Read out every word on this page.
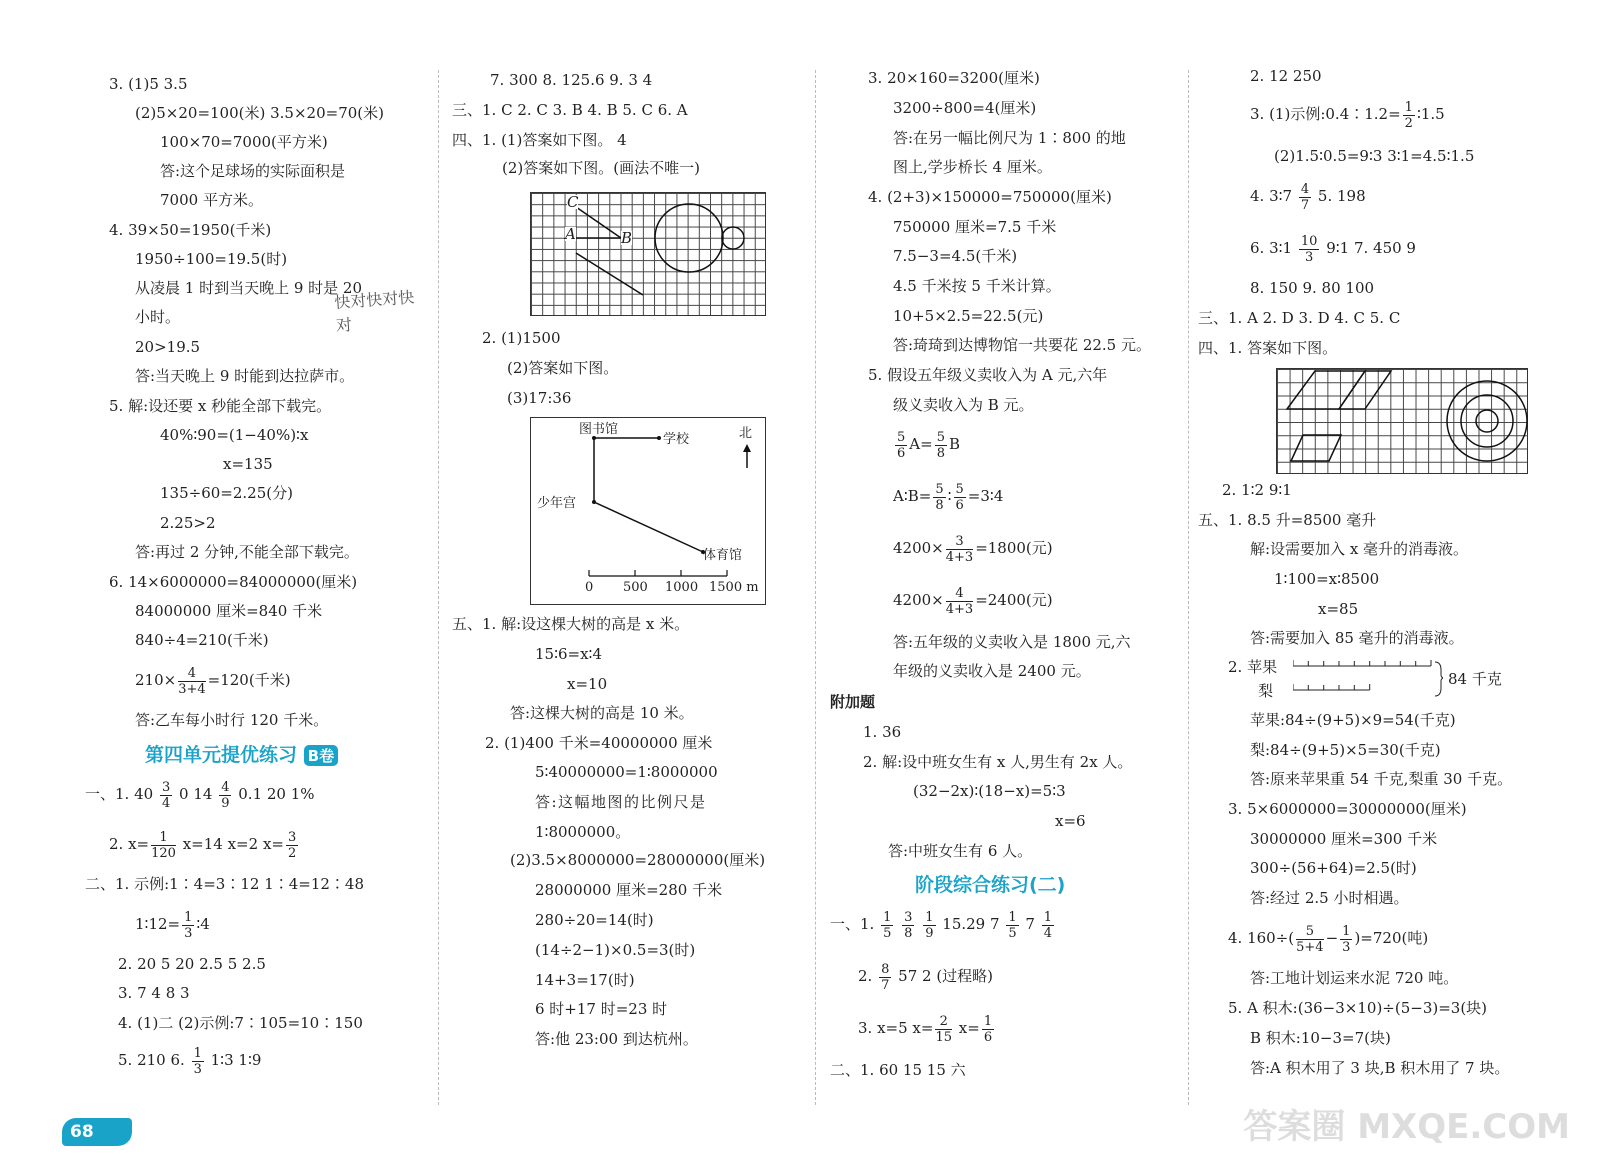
3. (1)5 3.5
(2)5×20=100(米) 3.5×20=70(米)
100×70=7000(平方米)
答:这个足球场的实际面积是
7000 平方米。
4. 39×50=1950(千米)
1950÷100=19.5(时)
从凌晨 1 时到当天晚上 9 时是 20
快对快对快对
小时。
20>19.5
答:当天晚上 9 时能到达拉萨市。
5. 解:设还要 x 秒能全部下载完。
40%∶90=(1−40%)∶x
x=135
135÷60=2.25(分)
2.25>2
答:再过 2 分钟,不能全部下载完。
6. 14×6000000=84000000(厘米)
84000000 厘米=840 千米
840÷4=210(千米)
$210\times \frac{4}{3+4} =120$(千米)
答:乙车每小时行 120 千米。
第四单元提优练习 B卷
一、1. $40 \frac{3}{4} 0$ $14 \frac{4}{9} 0.1$ 20 1%
2. $x= \frac{1}{120} x=14$ x=2 $x= \frac{3}{2}$
二、1. 示例:1∶4=3∶12 1∶4=12∶48
1∶12= $\frac{1}{3}$ ∶4
2. 20 5 20 2.5 5 2.5
3. 7 4 8 3
4. (1)二 (2)示例:7∶105=10∶150
5. 210 6. $\frac{1}{3}$ 1∶3 1∶9
7. 300 8. 125.6 9. 3 4
三、1. C 2. C 3. B 4. B 5. C 6. A
四、1. (1)答案如下图。 4
(2)答案如下图。(画法不唯一)
C
A	B
2. (1)1500
(2)答案如下图。
(3)17:36
图书馆
学校	北
少年宫
体育馆
0 500 1000 1500 m
五、1. 解:设这棵大树的高是 x 米。
15∶6=x∶4
x=10
答:这棵大树的高是 10 米。
2. (1)400 千米=40000000 厘米
5∶40000000=1∶8000000
答:这幅地图的比例尺是
1∶8000000。
(2)3.5×8000000=28000000(厘米)
28000000 厘米=280 千米
280÷20=14(时)
(14÷2−1)×0.5=3(时)
14+3=17(时)
6 时+17 时=23 时
答:他 23:00 到达杭州。
3. 20×160=3200(厘米)
3200÷800=4(厘米)
答:在另一幅比例尺为 1∶800 的地
图上,学步桥长 4 厘米。
4. (2+3)×150000=750000(厘米)
750000 厘米=7.5 千米
7.5−3=4.5(千米)
4.5 千米按 5 千米计算。
10+5×2.5=22.5(元)
答:琦琦到达博物馆一共要花 22.5 元。
5. 假设五年级义卖收入为 A 元,六年
级义卖收入为 B 元。
$\frac{5}{6} A= \frac{5}{8}$ B
A∶B= $\frac{5}{8}$ ∶ $\frac{5}{6}$ =3∶4
$4200\times \frac{3}{4+3} =1800$(元)
$4200\times \frac{4}{4+3} =2400$(元)
答:五年级的义卖收入是 1800 元,六
年级的义卖收入是 2400 元。
附加题
1. 36
2. 解:设中班女生有 x 人,男生有 2x 人。
(32−2x)∶(18−x)=5∶3
x=6
答:中班女生有 6 人。
阶段综合练习(二)
一、1. $\frac{1}{5}$
$\frac{3}{8}$
$\frac{1}{9} 15.29$ $7 \frac{1}{5} 7 \frac{1}{4}$
2. $\frac{8}{7} 57$ 2 (过程略)
3. x=5 $x= \frac{2}{15} x= \frac{1}{6}$
二、1. 60 15 15 六
2. 12 250
3. (1)示例:0.4∶1.2= $\frac{1}{2}$ ∶1.5
(2)1.5∶0.5=9∶3 3∶1=4.5∶1.5
4. 3∶7 $\frac{4}{7} 5$. 198
6. 3∶1 $\frac{10}{3}$ 9∶1 7. 450 9
8. 150 9. 80 100
三、1. A 2. D 3. D 4. C 5. C
四、1. 答案如下图。
2. 1∶2 9∶1
五、1. 8.5 升=8500 毫升
解:设需要加入 x 毫升的消毒液。
1∶100=x∶8500
x=85
答:需要加入 85 毫升的消毒液。
2. 苹果
梨
84 千克
苹果:84÷(9+5)×9=54(千克)
梨:84÷(9+5)×5=30(千克)
答:原来苹果重 54 千克,梨重 30 千克。
3. 5×6000000=30000000(厘米)
30000000 厘米=300 千米
300÷(56+64)=2.5(时)
答:经过 2.5 小时相遇。
4. $160\div( \frac{5}{5+4} - \frac{1}{3} )=720$(吨)
答:工地计划运来水泥 720 吨。
5. A 积木:(36−3×10)÷(5−3)=3(块)
B 积木:10−3=7(块)
答:A 积木用了 3 块,B 积木用了 7 块。
68	答案圈 MXQE.COM
